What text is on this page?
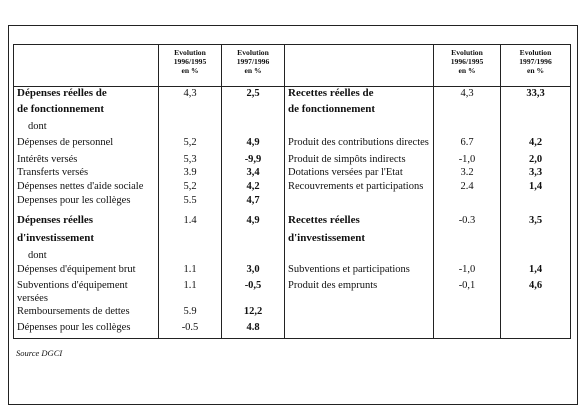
	Evolution
1996/1995
en %	Evolution
1997/1996
en %		Evolution
1996/1995
en %	Evolution
1997/1996
en %
Dépenses réelles de	4,3	2,5	Recettes réelles de	4,3	33,3
de fonctionnement			de fonctionnement		
dont					
Dépenses de personnel	5,2	4,9	Produit des contributions directes	6.7	4,2
Intérêts versés	5,3	-9,9	Produit de simpôts indirects	-1,0	2,0
Transferts versés	3.9	3,4	Dotations versées par l'Etat	3.2	3,3
Dépenses nettes d'aide sociale	5,2	4,2	Recouvrements et participations	2.4	1,4
Depenses pour les collèges	5.5	4,7			
Dépenses réelles	1.4	4,9	Recettes réelles	-0.3	3,5
d'investissement			d'investissement		
dont					
Dépenses d'équipement brut	1.1	3,0	Subventions et participations	-1,0	1,4
Subventions d'équipement versées	1.1	-0,5	Produit des emprunts	-0,1	4,6
Remboursements de dettes	5.9	12,2			
Dépenses pour les collèges	-0.5	4.8			
Source DGCI
